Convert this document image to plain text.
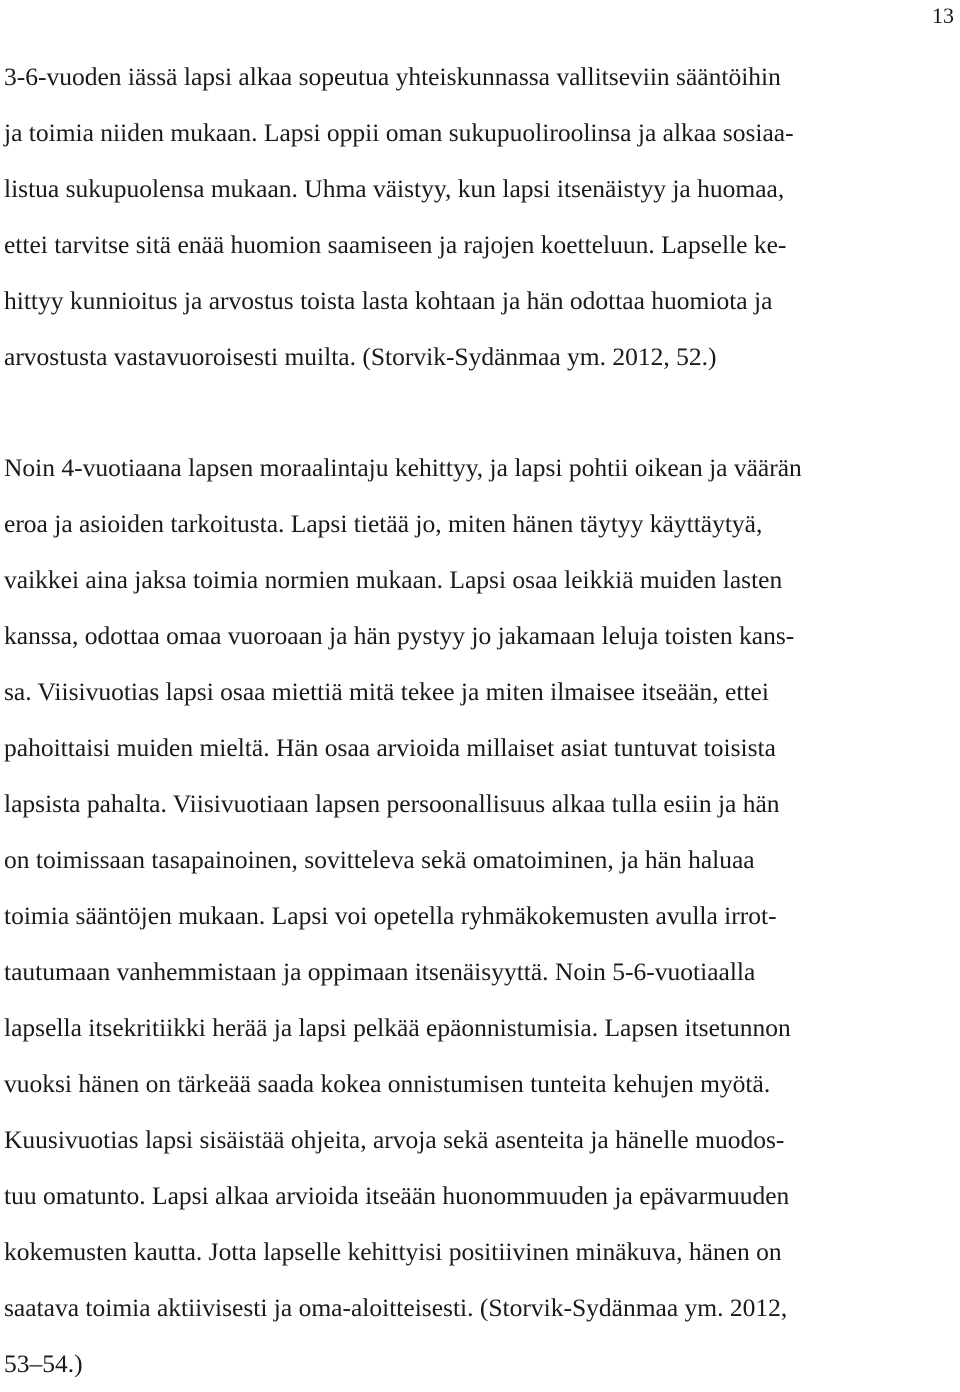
13
3-6-vuoden iässä lapsi alkaa sopeutua yhteiskunnassa vallitseviin sääntöihin
ja toimia niiden mukaan. Lapsi oppii oman sukupuoliroolinsa ja alkaa sosiaa-
listua sukupuolensa mukaan. Uhma väistyy, kun lapsi itsenäistyy ja huomaa,
ettei tarvitse sitä enää huomion saamiseen ja rajojen koetteluun. Lapselle ke-
hittyy kunnioitus ja arvostus toista lasta kohtaan ja hän odottaa huomiota ja
arvostusta vastavuoroisesti muilta. (Storvik-Sydänmaa ym. 2012, 52.)
Noin 4-vuotiaana lapsen moraalintaju kehittyy, ja lapsi pohtii oikean ja väärän
eroa ja asioiden tarkoitusta. Lapsi tietää jo, miten hänen täytyy käyttäytyä,
vaikkei aina jaksa toimia normien mukaan. Lapsi osaa leikkiä muiden lasten
kanssa, odottaa omaa vuoroaan ja hän pystyy jo jakamaan leluja toisten kans-
sa. Viisivuotias lapsi osaa miettiä mitä tekee ja miten ilmaisee itseään, ettei
pahoittaisi muiden mieltä. Hän osaa arvioida millaiset asiat tuntuvat toisista
lapsista pahalta. Viisivuotiaan lapsen persoonallisuus alkaa tulla esiin ja hän
on toimissaan tasapainoinen, sovitteleva sekä omatoiminen, ja hän haluaa
toimia sääntöjen mukaan. Lapsi voi opetella ryhmäkokemusten avulla irrot-
tautumaan vanhemmistaan ja oppimaan itsenäisyyttä. Noin 5-6-vuotiaalla
lapsella itsekritiikki herää ja lapsi pelkää epäonnistumisia. Lapsen itsetunnon
vuoksi hänen on tärkeää saada kokea onnistumisen tunteita kehujen myötä.
Kuusivuotias lapsi sisäistää ohjeita, arvoja sekä asenteita ja hänelle muodos-
tuu omatunto. Lapsi alkaa arvioida itseään huonommuuden ja epävarmuuden
kokemusten kautta. Jotta lapselle kehittyisi positiivinen minäkuva, hänen on
saatava toimia aktiivisesti ja oma-aloitteisesti. (Storvik-Sydänmaa ym. 2012,
53–54.)
